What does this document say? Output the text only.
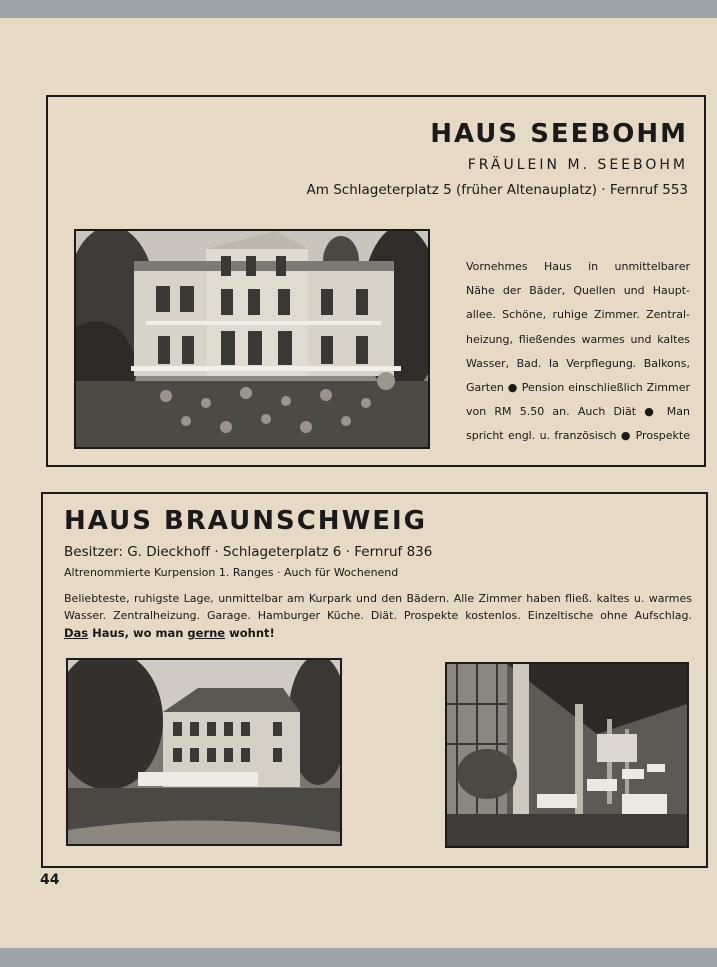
HAUS SEEBOHM
FRÄULEIN M. SEEBOHM
Am Schlageterplatz 5 (früher Altenauplatz) · Fernruf 553
Vornehmes Haus in unmittelbarer
Nähe der Bäder, Quellen und Haupt-
allee. Schöne, ruhige Zimmer. Zentral-
heizung, fließendes warmes und kaltes
Wasser, Bad. Ia Verpflegung. Balkons,
Garten ● Pension einschließlich Zimmer
von RM 5.50 an. Auch Diät ● Man
spricht engl. u. französisch ● Prospekte
HAUS BRAUNSCHWEIG
Besitzer: G. Dieckhoff · Schlageterplatz 6 · Fernruf 836
Altrenommierte Kurpension 1. Ranges · Auch für Wochenend
Beliebteste, ruhigste Lage, unmittelbar am Kurpark und den Bädern. Alle Zimmer haben fließ. kaltes u. warmes
Wasser. Zentralheizung. Garage. Hamburger Küche. Diät. Prospekte kostenlos. Einzeltische ohne Aufschlag.
Das Haus, wo man gerne wohnt!
44
